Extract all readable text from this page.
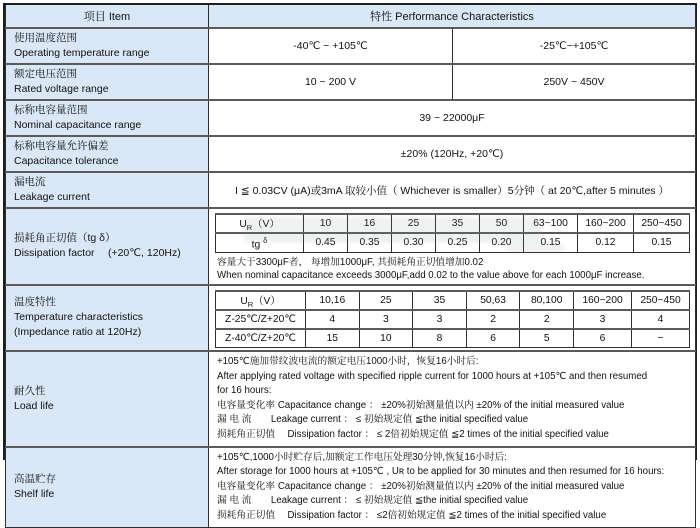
项目 Item	特性 Performance Characteristics

使用温度范围
Operating temperature range
	-40℃ ~ +105℃	-25℃~+105℃

额定电压范围
Rated voltage range
	10 ~ 200 V	250V ~ 450V

标称电容量范围
Nominal capacitance range
	39 ~ 22000μF

标称电容量允许偏差
Capacitance tolerance
	±20% (120Hz, +20℃)

漏电流
Leakage current
	I ≦ 0.03CV (μA)或3mA 取较小值（ Whichever is smaller）5分钟（ at 20℃,after 5 minutes ）

损耗角正切值（tg δ）
Dissipation factor　 (+20℃, 120Hz)

$U_R(V)$	10	16	25	35	50	63~100	160~200	250~450
tg $^\delta$	0.45	0.35	0.30	0.25	0.20	0.15	0.12	0.15
容量大于3300μF者， 每增加1000μF, 其损耗角正切值增加0.02
When nominal capacitance exceeds 3000μF,add 0.02 to the value above for each 1000μF increase.

温度特性
Temperature characteristics
(Impedance ratio at 120Hz)

$U_R(V)$	10,16	25	35	50,63	80,100	160~200	250~450
Z-25℃/Z+20℃	4	3	3	2	2	3	4
Z-40℃/Z+20℃	15	10	8	6	5	6	−

耐久性
Load life

+105℃施加带纹波电流的额定电压1000小时，恢复16小时后:
After applying rated voltage with specified ripple current for 1000 hours at +105℃ and then resumed
for 16 hours:
电容量变化率 Capacitance change ： ±20%初始测量值以内 ±20% of the initial measured value
漏 电 流　　Leakage current ： ≤ 初始规定值 ≦the initial specified value
损耗角正切值　 Dissipation factor ： ≤ 2倍初始规定值 ≦2 times of the initial specified value

高温贮存
Shelf life

+105℃,1000小时贮存后,加额定工作电压处理30分钟,恢复16小时后:
After storage for 1000 hours at +105℃ , Uʀ to be applied for 30 minutes and then resumed for 16 hours:
电容量变化率 Capacitance change ： ±20%初始测量值以内 ±20% of the initial measured value
漏 电 流　　Leakage current ： ≤ 初始规定值 ≦the initial specified value
损耗角正切值　 Dissipation factor ： ≤2倍初始规定值 ≦2 times of the initial specified value
